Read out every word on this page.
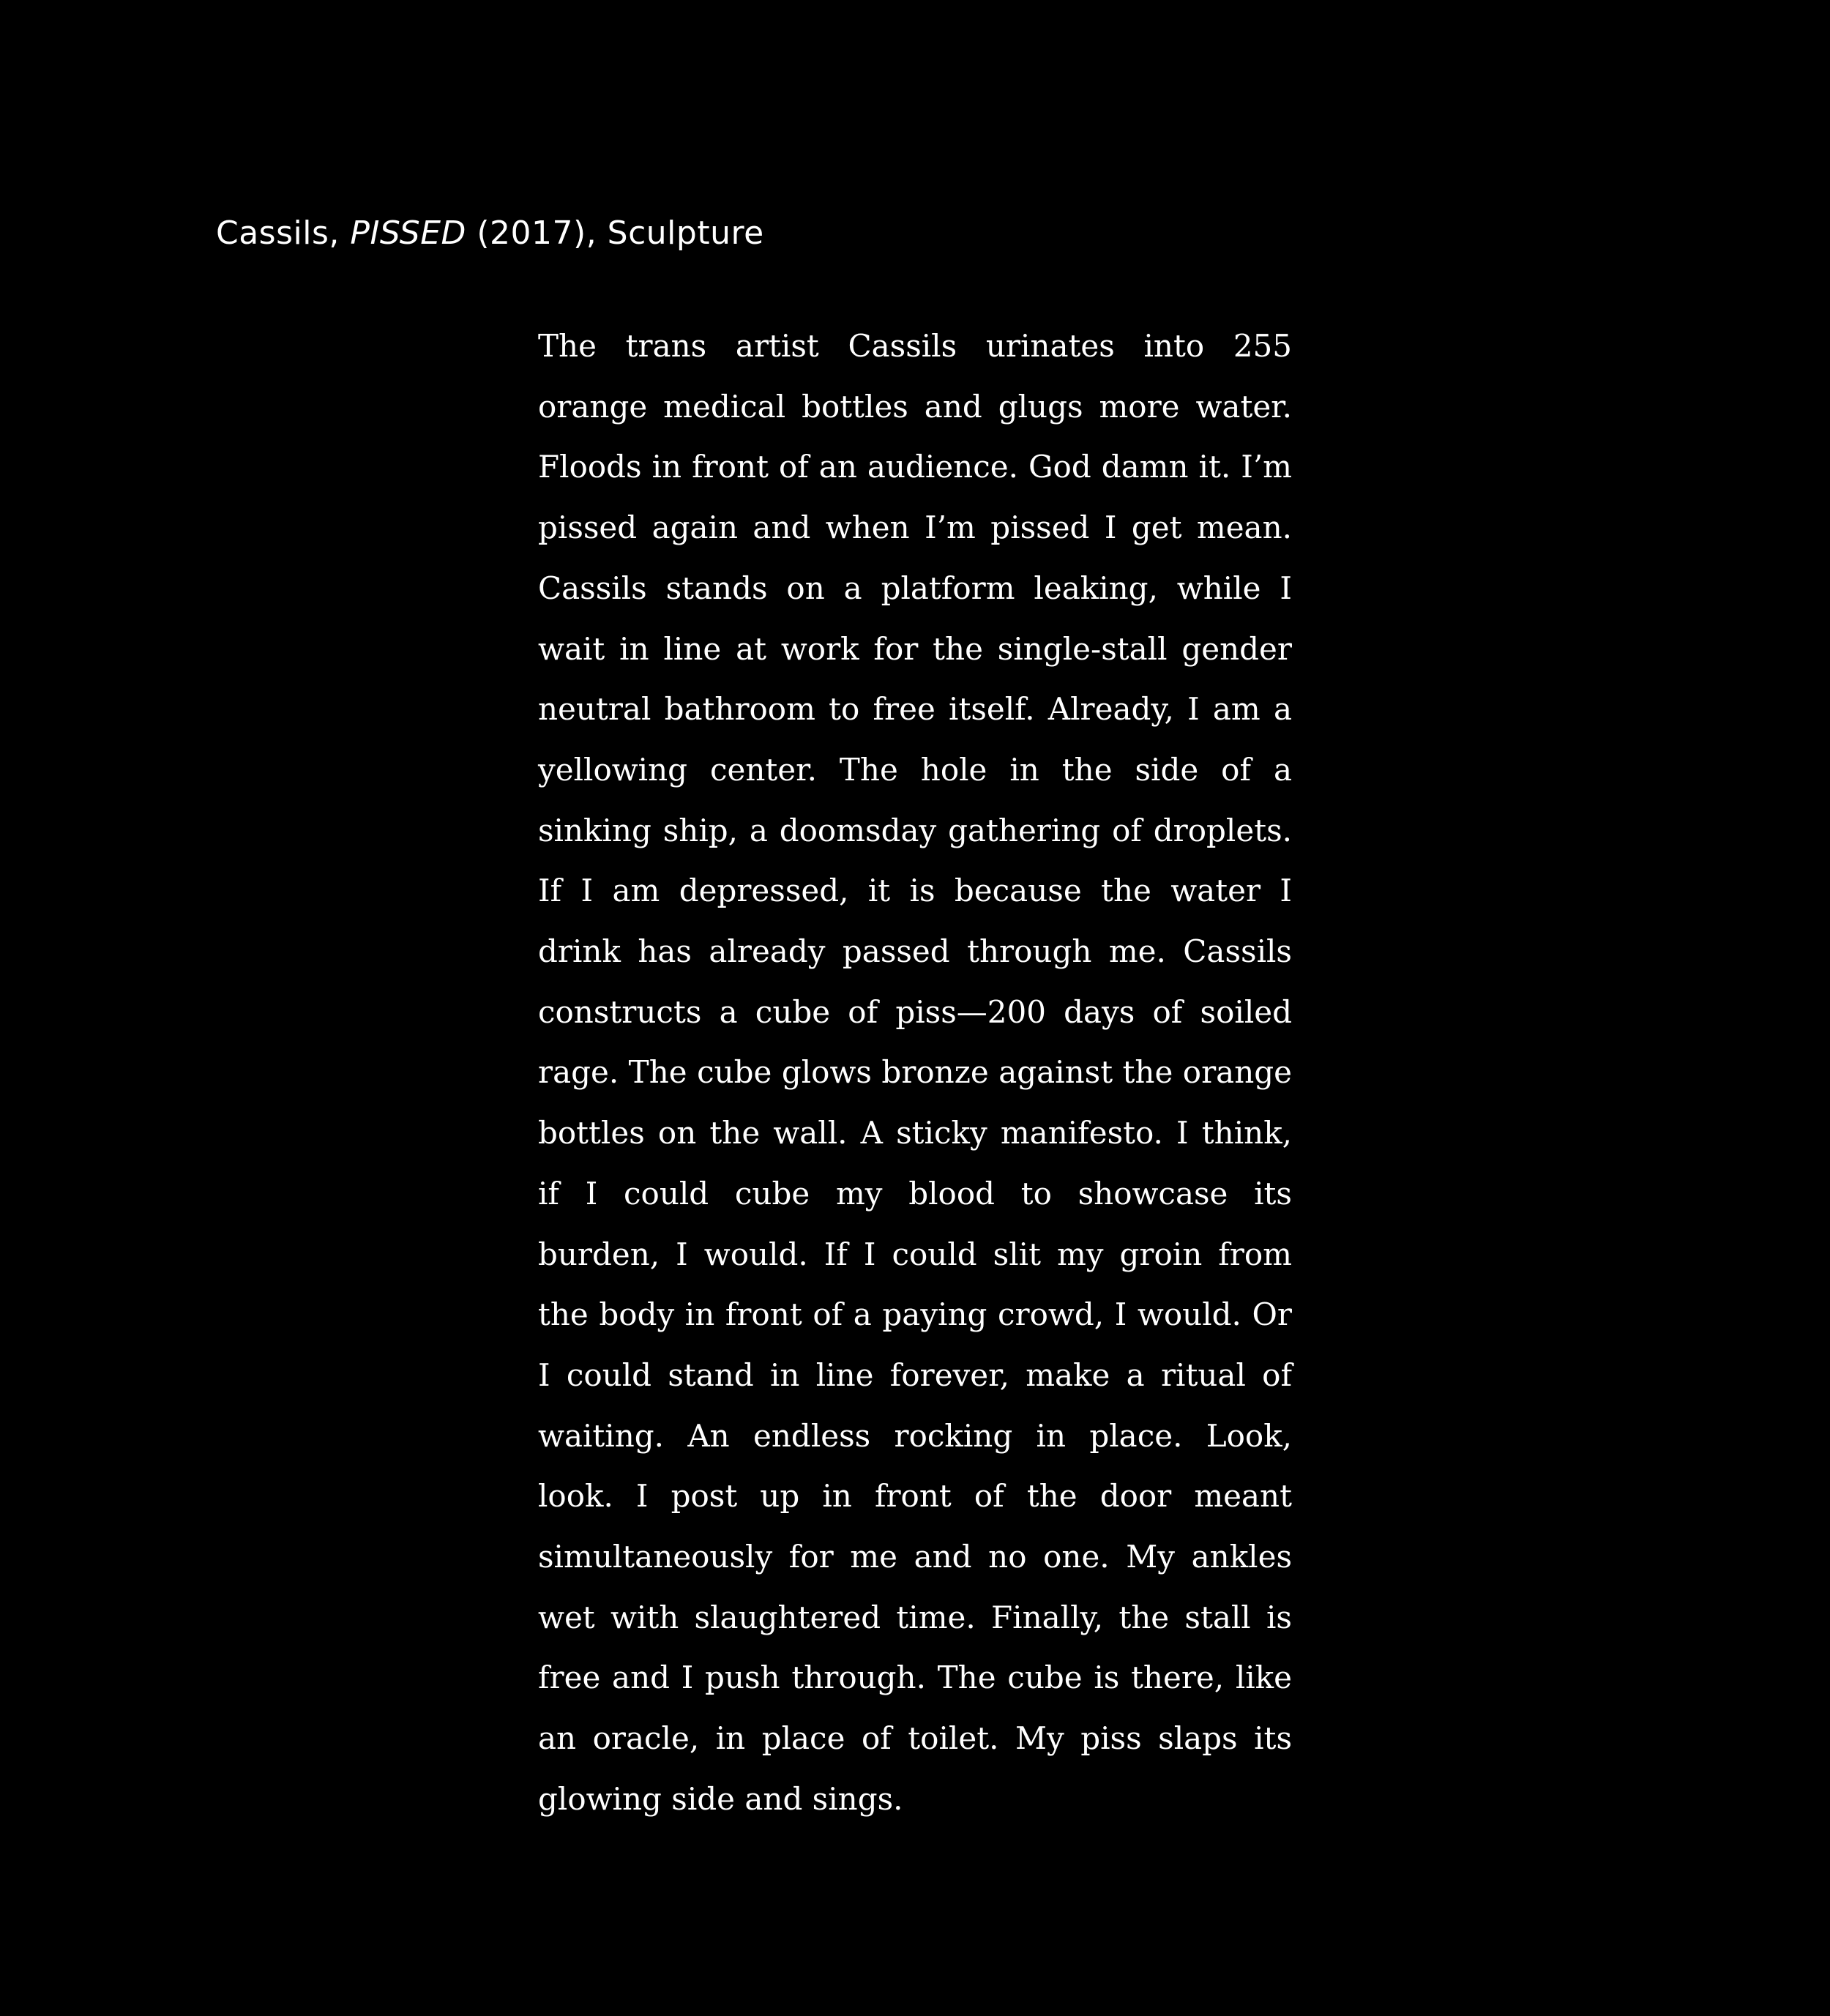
Cassils, PISSED (2017), Sculpture

The trans artist Cassils urinates into 255 orange medical bottles and glugs more water. Floods in front of an audience. God damn it. I’m pissed again and when I’m pissed I get mean. Cassils stands on a platform leaking, while I wait in line at work for the single-stall gender neutral bathroom to free itself. Already, I am a yellowing center. The hole in the side of a sinking ship, a doomsday gathering of droplets. If I am depressed, it is because the water I drink has already passed through me. Cassils constructs a cube of piss—200 days of soiled rage. The cube glows bronze against the orange bottles on the wall. A sticky manifesto. I think, if I could cube my blood to showcase its burden, I would. If I could slit my groin from the body in front of a paying crowd, I would. Or I could stand in line forever, make a ritual of waiting. An endless rocking in place. Look, look. I post up in front of the door meant simultaneously for me and no one. My ankles wet with slaughtered time. Finally, the stall is free and I push through. The cube is there, like an oracle, in place of toilet. My piss slaps its glowing side and sings.
